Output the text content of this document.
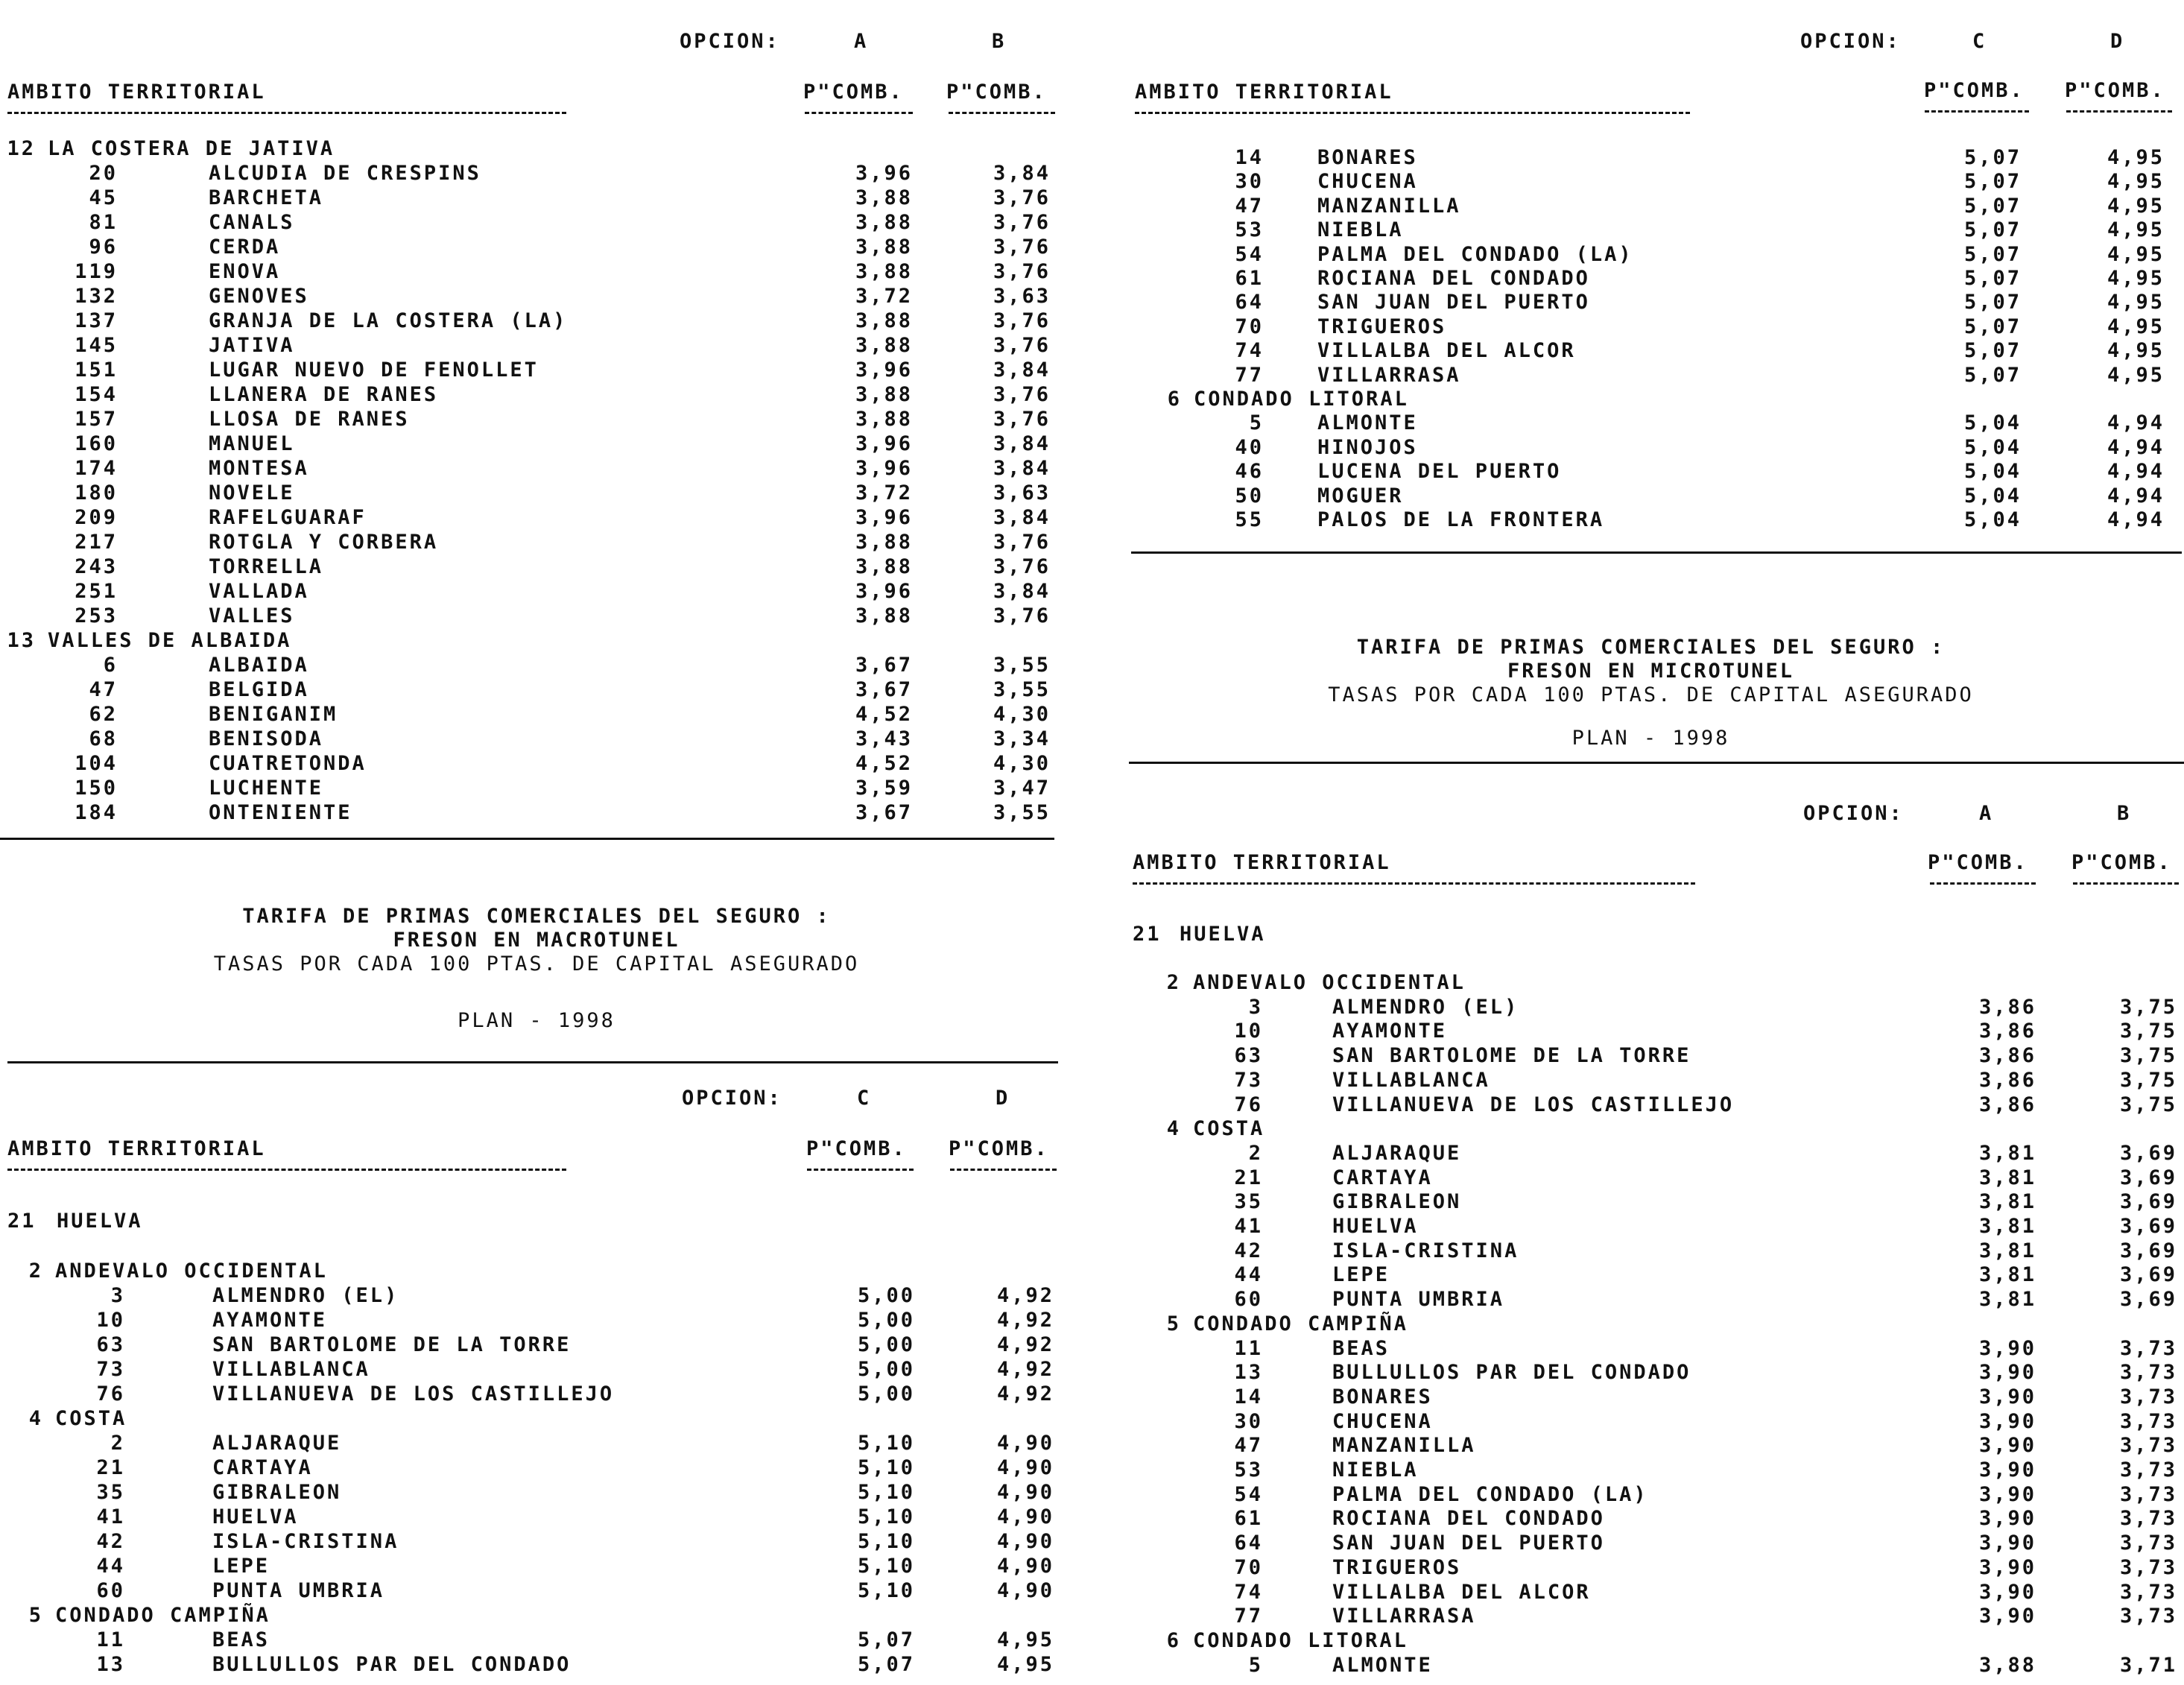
OPCION:	A	B
AMBITO TERRITORIAL	P"COMB. P"COMB.
12 LA COSTERA DE JATIVA
20	ALCUDIA DE CRESPINS	3,96	3,84
45	BARCHETA	3,88	3,76
81	CANALS	3,88	3,76
96	CERDA	3,88	3,76
119	ENOVA	3,88	3,76
132	GENOVES	3,72	3,63
137	GRANJA DE LA COSTERA (LA)	3,88	3,76
145	JATIVA	3,88	3,76
151	LUGAR NUEVO DE FENOLLET	3,96	3,84
154	LLANERA DE RANES	3,88	3,76
157	LLOSA DE RANES	3,88	3,76
160	MANUEL	3,96	3,84
174	MONTESA	3,96	3,84
180	NOVELE	3,72	3,63
209	RAFELGUARAF	3,96	3,84
217	ROTGLA Y CORBERA	3,88	3,76
243	TORRELLA	3,88	3,76
251	VALLADA	3,96	3,84
253	VALLES	3,88	3,76
13 VALLES DE ALBAIDA
6	ALBAIDA	3,67	3,55
47	BELGIDA	3,67	3,55
62	BENIGANIM	4,52	4,30
68	BENISODA	3,43	3,34
104	CUATRETONDA	4,52	4,30
150	LUCHENTE	3,59	3,47
184	ONTENIENTE	3,67	3,55
TARIFA DE PRIMAS COMERCIALES DEL SEGURO :
FRESON EN MACROTUNEL
TASAS POR CADA 100 PTAS. DE CAPITAL ASEGURADO
PLAN - 1998
OPCION:	C	D
AMBITO TERRITORIAL	P"COMB. P"COMB.
21 HUELVA
2 ANDEVALO OCCIDENTAL
3	ALMENDRO (EL)	5,00	4,92
10	AYAMONTE	5,00	4,92
63	SAN BARTOLOME DE LA TORRE	5,00	4,92
73	VILLABLANCA	5,00	4,92
76	VILLANUEVA DE LOS CASTILLEJO	5,00	4,92
4 COSTA
2	ALJARAQUE	5,10	4,90
21	CARTAYA	5,10	4,90
35	GIBRALEON	5,10	4,90
41	HUELVA	5,10	4,90
42	ISLA-CRISTINA	5,10	4,90
44	LEPE	5,10	4,90
60	PUNTA UMBRIA	5,10	4,90
5 CONDADO CAMPIÑA
11	BEAS	5,07	4,95
13	BULLULLOS PAR DEL CONDADO	5,07	4,95
OPCION:	C	D
AMBITO TERRITORIAL	P"COMB. P"COMB.
14	BONARES	5,07	4,95
30	CHUCENA	5,07	4,95
47	MANZANILLA	5,07	4,95
53	NIEBLA	5,07	4,95
54	PALMA DEL CONDADO (LA)	5,07	4,95
61	ROCIANA DEL CONDADO	5,07	4,95
64	SAN JUAN DEL PUERTO	5,07	4,95
70	TRIGUEROS	5,07	4,95
74	VILLALBA DEL ALCOR	5,07	4,95
77	VILLARRASA	5,07	4,95
6 CONDADO LITORAL
5	ALMONTE	5,04	4,94
40	HINOJOS	5,04	4,94
46	LUCENA DEL PUERTO	5,04	4,94
50	MOGUER	5,04	4,94
55	PALOS DE LA FRONTERA	5,04	4,94
TARIFA DE PRIMAS COMERCIALES DEL SEGURO :
FRESON EN MICROTUNEL
TASAS POR CADA 100 PTAS. DE CAPITAL ASEGURADO
PLAN - 1998
OPCION:	A	B
AMBITO TERRITORIAL	P"COMB. P"COMB.
21 HUELVA
2 ANDEVALO OCCIDENTAL
3	ALMENDRO (EL)	3,86	3,75
10	AYAMONTE	3,86	3,75
63	SAN BARTOLOME DE LA TORRE	3,86	3,75
73	VILLABLANCA	3,86	3,75
76	VILLANUEVA DE LOS CASTILLEJO	3,86	3,75
4 COSTA
2	ALJARAQUE	3,81	3,69
21	CARTAYA	3,81	3,69
35	GIBRALEON	3,81	3,69
41	HUELVA	3,81	3,69
42	ISLA-CRISTINA	3,81	3,69
44	LEPE	3,81	3,69
60	PUNTA UMBRIA	3,81	3,69
5 CONDADO CAMPIÑA
11	BEAS	3,90	3,73
13	BULLULLOS PAR DEL CONDADO	3,90	3,73
14	BONARES	3,90	3,73
30	CHUCENA	3,90	3,73
47	MANZANILLA	3,90	3,73
53	NIEBLA	3,90	3,73
54	PALMA DEL CONDADO (LA)	3,90	3,73
61	ROCIANA DEL CONDADO	3,90	3,73
64	SAN JUAN DEL PUERTO	3,90	3,73
70	TRIGUEROS	3,90	3,73
74	VILLALBA DEL ALCOR	3,90	3,73
77	VILLARRASA	3,90	3,73
6 CONDADO LITORAL
5	ALMONTE	3,88	3,71
